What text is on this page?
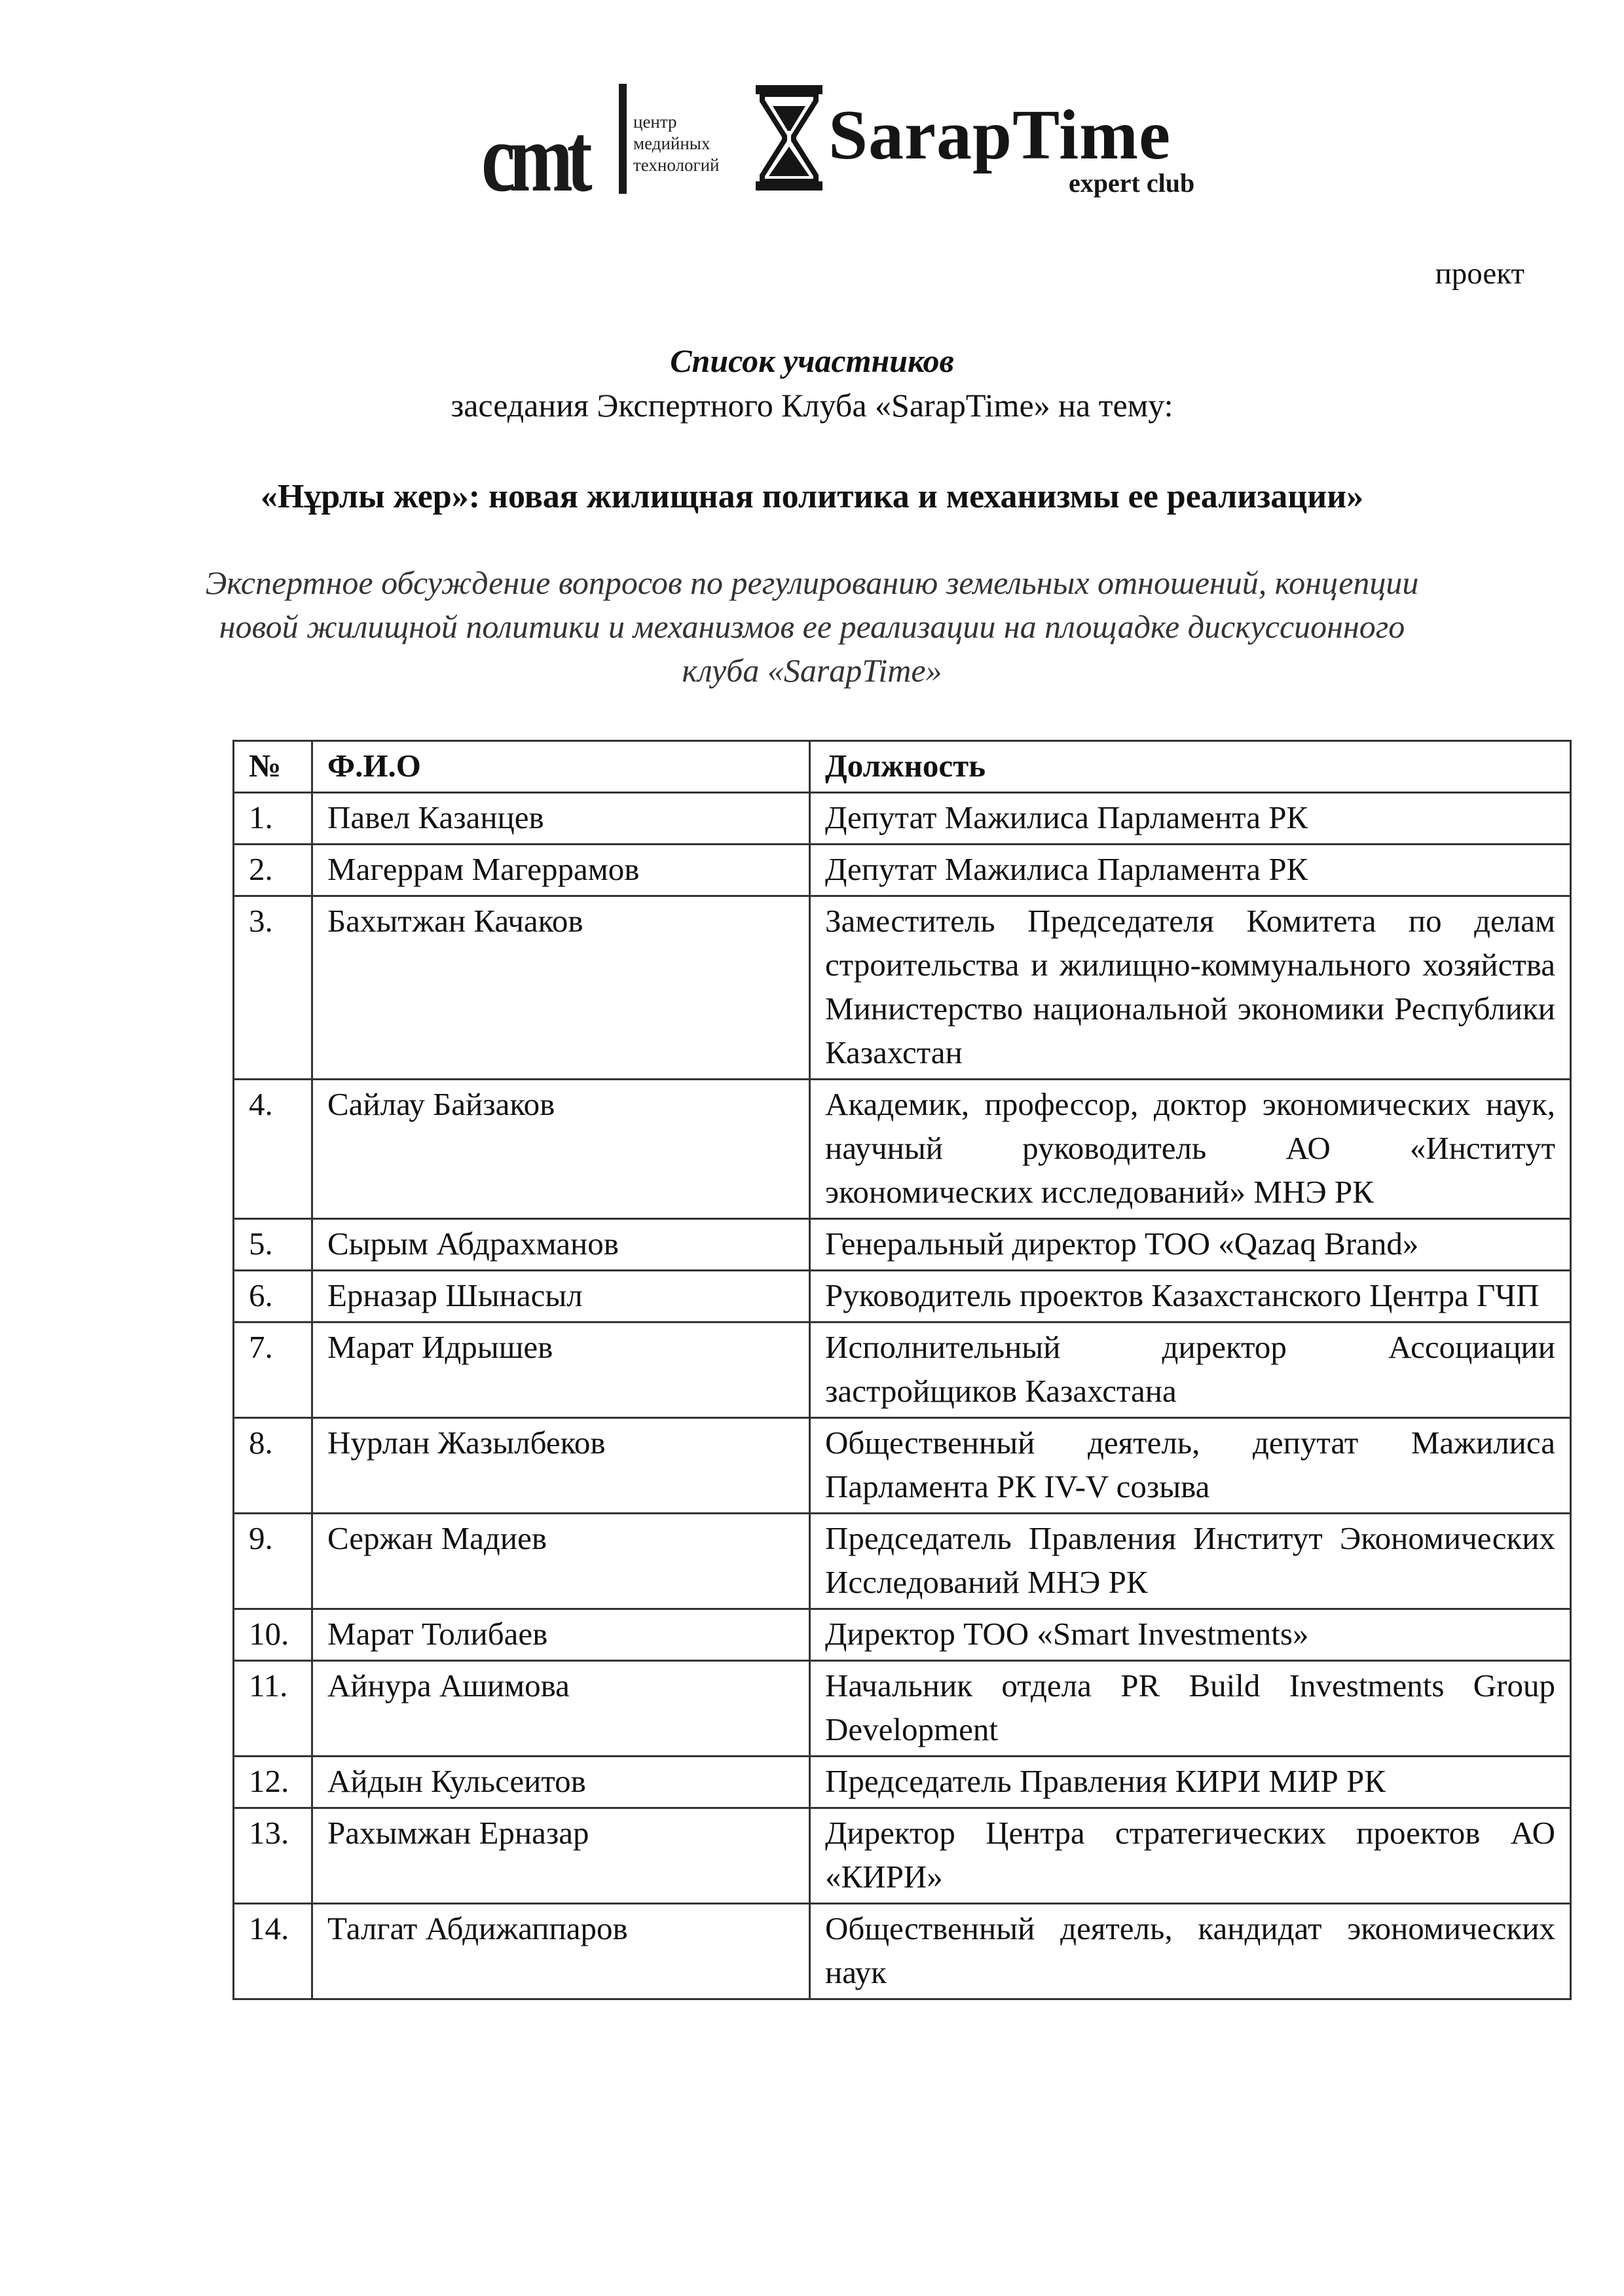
cmt	центр
медийных
технологий	SarapTime
expert club
проект
Список участников
заседания Экспертного Клуба «SarapTime» на тему:
«Нұрлы жер»: новая жилищная политика и механизмы ее реализации»
Экспертное обсуждение вопросов по регулированию земельных отношений, концепции новой жилищной политики и механизмов ее реализации на площадке дискуссионного клуба «SarapTime»
№	Ф.И.О	Должность
1.	Павел Казанцев	Депутат Мажилиса Парламента РК
2.	Магеррам Магеррамов	Депутат Мажилиса Парламента РК
3.	Бахытжан Качаков	Заместитель Председателя Комитета по делам строительства и жилищно-коммунального хозяйства Министерство национальной экономики Республики Казахстан
4.	Сайлау Байзаков	Академик, профессор, доктор экономических наук, научный руководитель АО «Институт экономических исследований» МНЭ РК
5.	Сырым Абдрахманов	Генеральный директор ТОО «Qazaq Brand»
6.	Ерназар Шынасыл	Руководитель проектов Казахстанского Центра ГЧП
7.	Марат Идрышев	Исполнительный директор Ассоциации застройщиков Казахстана
8.	Нурлан Жазылбеков	Общественный деятель, депутат Мажилиса Парламента РК IV-V созыва
9.	Сержан Мадиев	Председатель Правления Институт Экономических Исследований МНЭ РК
10.	Марат Толибаев	Директор ТОО «Smart Investments»
11.	Айнура Ашимова	Начальник отдела PR Build Investments Group Development
12.	Айдын Кульсеитов	Председатель Правления КИРИ МИР РК
13.	Рахымжан Ерназар	Директор Центра стратегических проектов АО «КИРИ»
14.	Талгат Абдижаппаров	Общественный деятель, кандидат экономических наук
